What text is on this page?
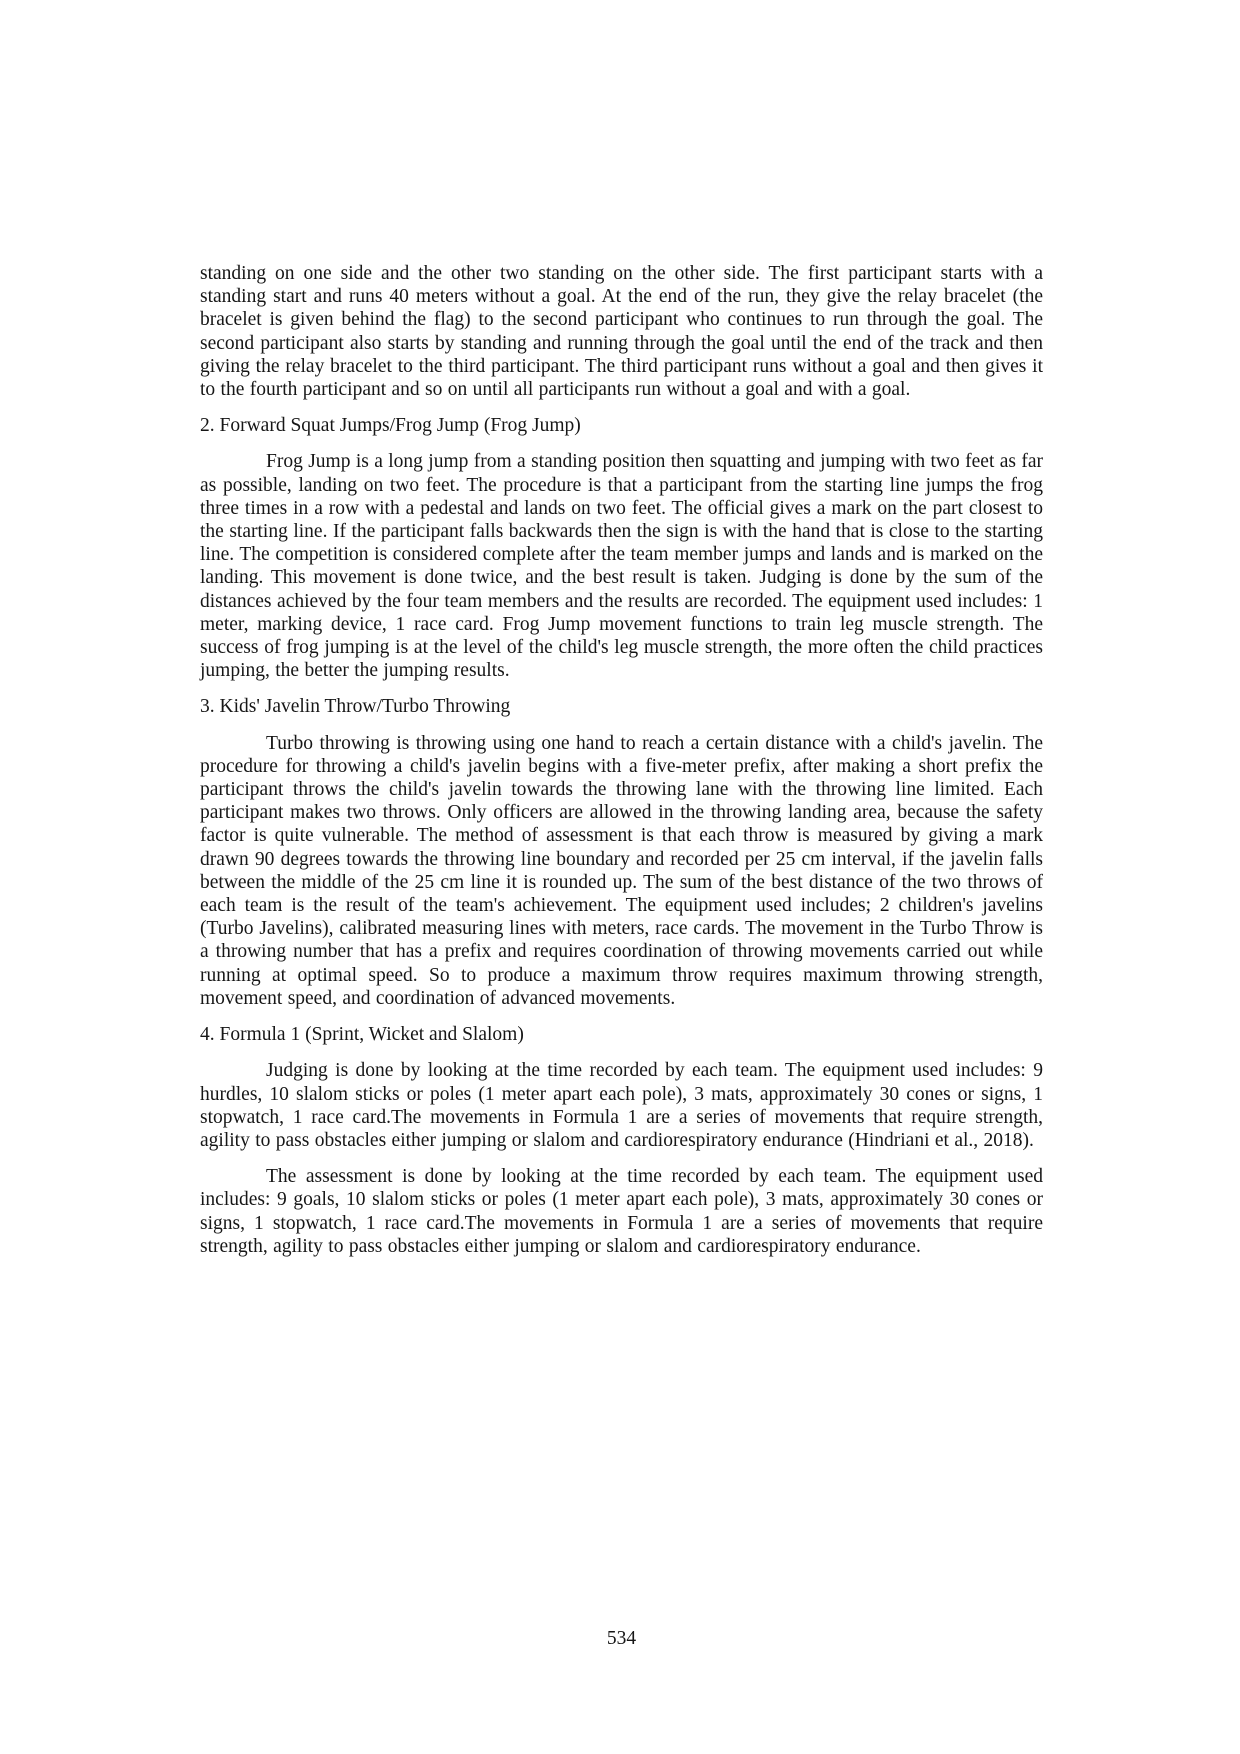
standing on one side and the other two standing on the other side. The first participant starts with a standing start and runs 40 meters without a goal. At the end of the run, they give the relay bracelet (the bracelet is given behind the flag) to the second participant who continues to run through the goal. The second participant also starts by standing and running through the goal until the end of the track and then giving the relay bracelet to the third participant. The third participant runs without a goal and then gives it to the fourth participant and so on until all participants run without a goal and with a goal.

2. Forward Squat Jumps/Frog Jump (Frog Jump)

Frog Jump is a long jump from a standing position then squatting and jumping with two feet as far as possible, landing on two feet. The procedure is that a participant from the starting line jumps the frog three times in a row with a pedestal and lands on two feet. The official gives a mark on the part closest to the starting line. If the participant falls backwards then the sign is with the hand that is close to the starting line. The competition is considered complete after the team member jumps and lands and is marked on the landing. This movement is done twice, and the best result is taken. Judging is done by the sum of the distances achieved by the four team members and the results are recorded. The equipment used includes: 1 meter, marking device, 1 race card. Frog Jump movement functions to train leg muscle strength. The success of frog jumping is at the level of the child's leg muscle strength, the more often the child practices jumping, the better the jumping results.

3. Kids' Javelin Throw/Turbo Throwing

Turbo throwing is throwing using one hand to reach a certain distance with a child's javelin. The procedure for throwing a child's javelin begins with a five-meter prefix, after making a short prefix the participant throws the child's javelin towards the throwing lane with the throwing line limited. Each participant makes two throws. Only officers are allowed in the throwing landing area, because the safety factor is quite vulnerable. The method of assessment is that each throw is measured by giving a mark drawn 90 degrees towards the throwing line boundary and recorded per 25 cm interval, if the javelin falls between the middle of the 25 cm line it is rounded up. The sum of the best distance of the two throws of each team is the result of the team's achievement. The equipment used includes; 2 children's javelins (Turbo Javelins), calibrated measuring lines with meters, race cards. The movement in the Turbo Throw is a throwing number that has a prefix and requires coordination of throwing movements carried out while running at optimal speed. So to produce a maximum throw requires maximum throwing strength, movement speed, and coordination of advanced movements.

4. Formula 1 (Sprint, Wicket and Slalom)

Judging is done by looking at the time recorded by each team. The equipment used includes: 9 hurdles, 10 slalom sticks or poles (1 meter apart each pole), 3 mats, approximately 30 cones or signs, 1 stopwatch, 1 race card.The movements in Formula 1 are a series of movements that require strength, agility to pass obstacles either jumping or slalom and cardiorespiratory endurance (Hindriani et al., 2018).

The assessment is done by looking at the time recorded by each team. The equipment used includes: 9 goals, 10 slalom sticks or poles (1 meter apart each pole), 3 mats, approximately 30 cones or signs, 1 stopwatch, 1 race card.The movements in Formula 1 are a series of movements that require strength, agility to pass obstacles either jumping or slalom and cardiorespiratory endurance.

534
